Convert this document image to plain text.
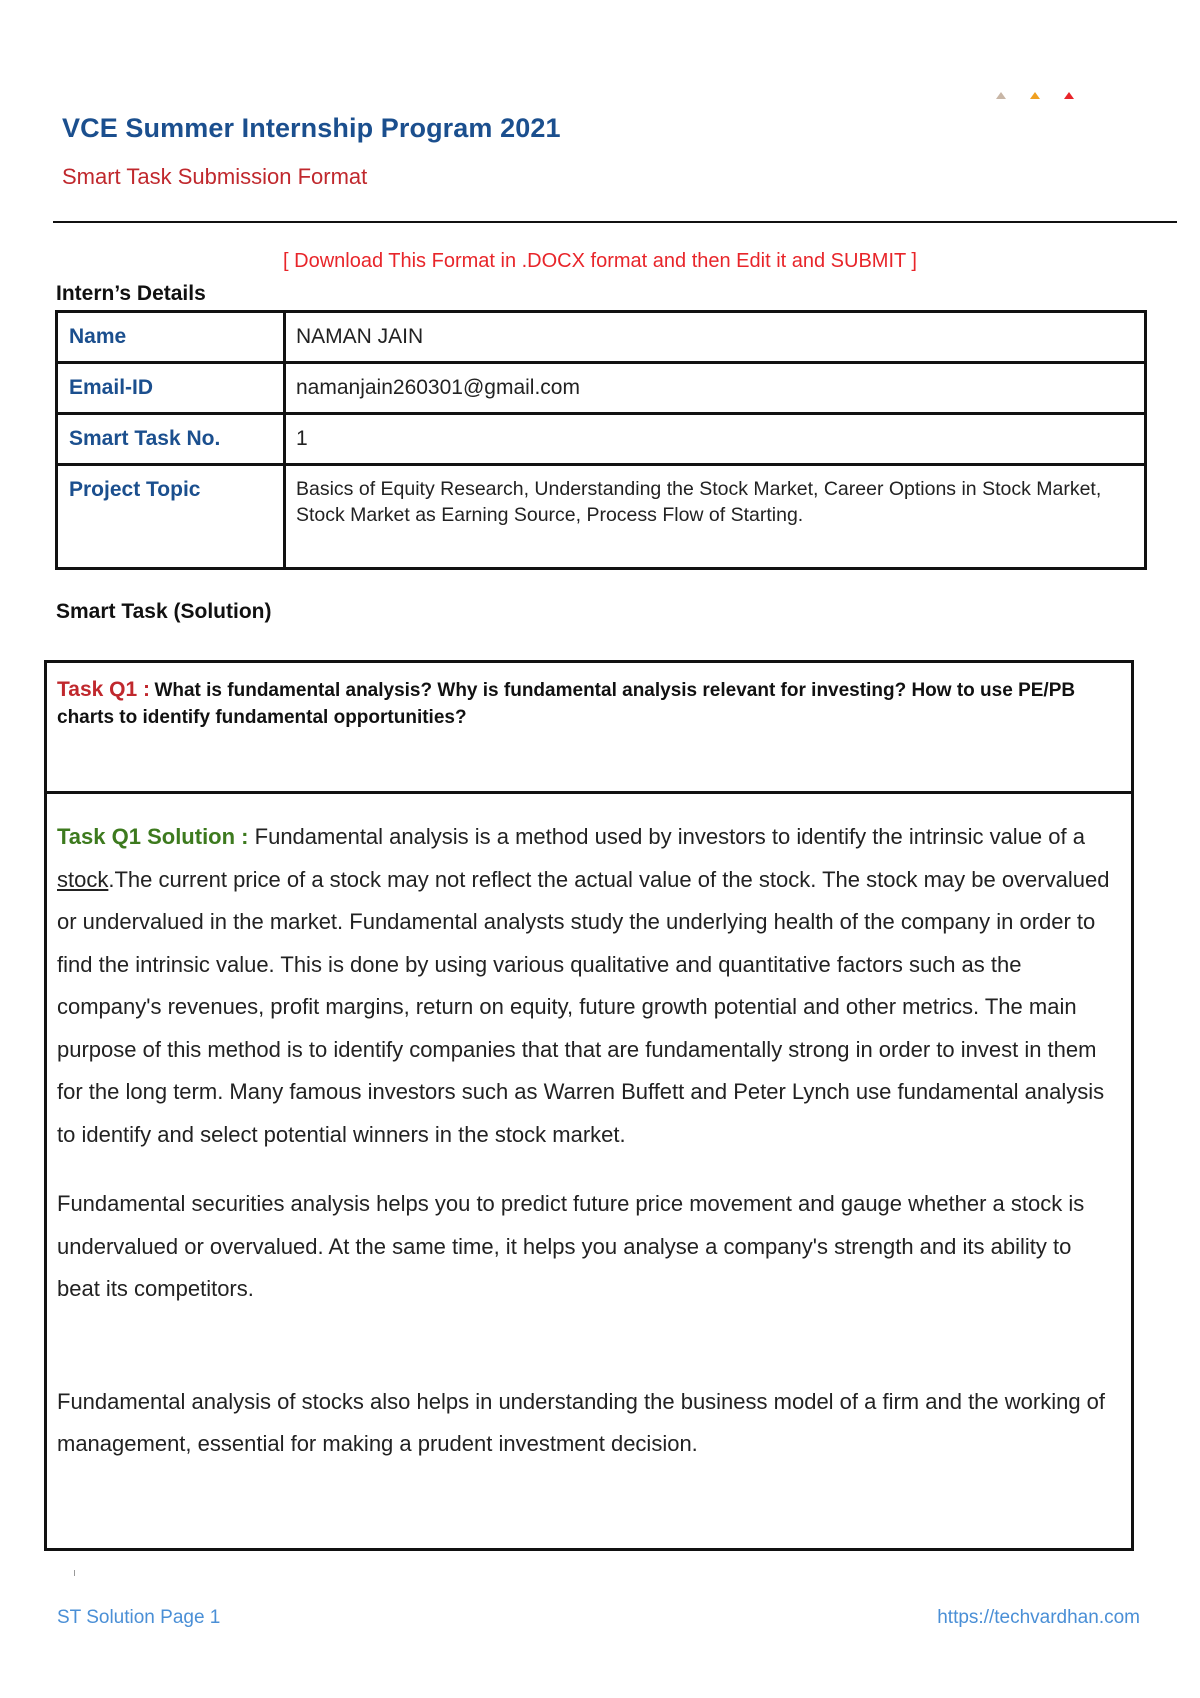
VCE Summer Internship Program 2021
Smart Task Submission Format
[ Download This Format in .DOCX format and then Edit it and SUBMIT ]
Intern’s Details
Name	NAMAN JAIN
Email-ID	namanjain260301@gmail.com
Smart Task No.	1
Project Topic	Basics of Equity Research, Understanding the Stock Market, Career Options in Stock Market, Stock Market as Earning Source, Process Flow of Starting.
Smart Task (Solution)
Task Q1 : What is fundamental analysis? Why is fundamental analysis relevant for investing? How to use PE/PB charts to identify fundamental opportunities?

Task Q1 Solution : Fundamental analysis is a method used by investors to identify the intrinsic value of a stock.The current price of a stock may not reflect the actual value of the stock. The stock may be overvalued or undervalued in the market. Fundamental analysts study the underlying health of the company in order to find the intrinsic value. This is done by using various qualitative and quantitative factors such as the company's revenues, profit margins, return on equity, future growth potential and other metrics. The main purpose of this method is to identify companies that that are fundamentally strong in order to invest in them for the long term. Many famous investors such as Warren Buffett and Peter Lynch use fundamental analysis to identify and select potential winners in the stock market.

Fundamental securities analysis helps you to predict future price movement and gauge whether a stock is undervalued or overvalued. At the same time, it helps you analyse a company's strength and its ability to beat its competitors.

Fundamental analysis of stocks also helps in understanding the business model of a firm and the working of management, essential for making a prudent investment decision.

ST Solution Page 1	https://techvardhan.com
